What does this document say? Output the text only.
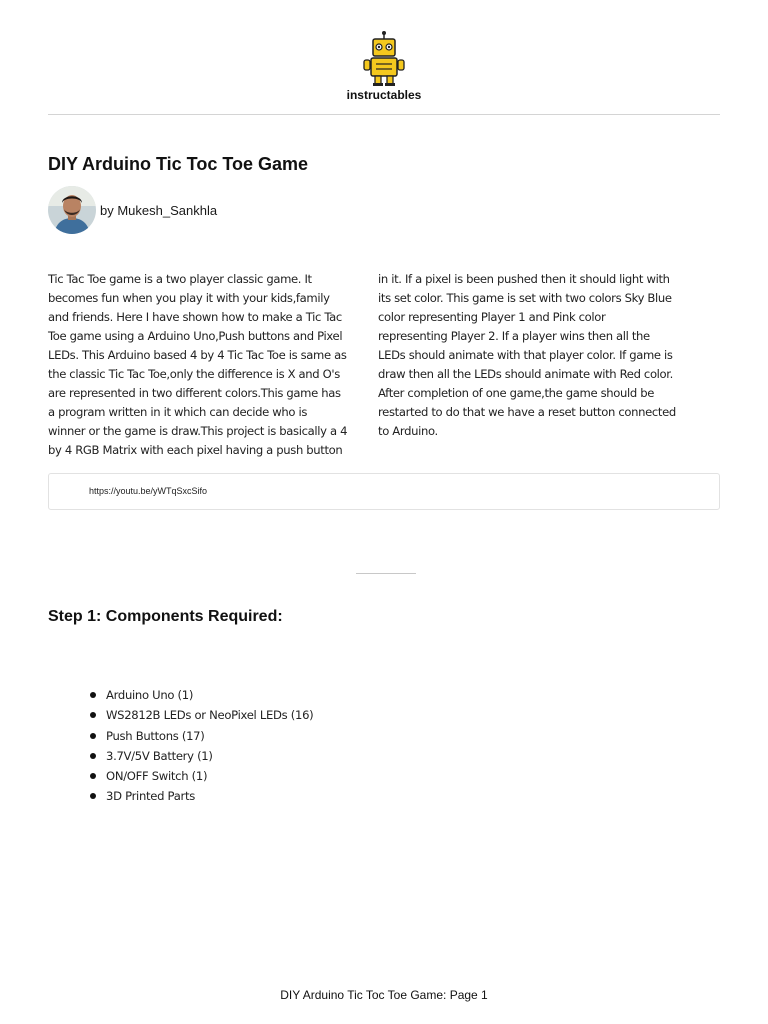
instructables
DIY Arduino Tic Toc Toe Game
by Mukesh_Sankhla
Tic Tac Toe game is a two player classic game. It
becomes fun when you play it with your kids,family
and friends. Here I have shown how to make a Tic Tac
Toe game using a Arduino Uno,Push buttons and Pixel
LEDs. This Arduino based 4 by 4 Tic Tac Toe is same as
the classic Tic Tac Toe,only the difference is X and O's
are represented in two different colors.This game has
a program written in it which can decide who is
winner or the game is draw.This project is basically a 4
by 4 RGB Matrix with each pixel having a push button
in it. If a pixel is been pushed then it should light with
its set color. This game is set with two colors Sky Blue
color representing Player 1 and Pink color
representing Player 2. If a player wins then all the
LEDs should animate with that player color. If game is
draw then all the LEDs should animate with Red color.
After completion of one game,the game should be
restarted to do that we have a reset button connected
to Arduino.
https://youtu.be/yWTqSxcSifo
Step 1: Components Required:
Arduino Uno (1)
WS2812B LEDs or NeoPixel LEDs (16)
Push Buttons (17)
3.7V/5V Battery (1)
ON/OFF Switch (1)
3D Printed Parts
DIY Arduino Tic Toc Toe Game: Page 1
